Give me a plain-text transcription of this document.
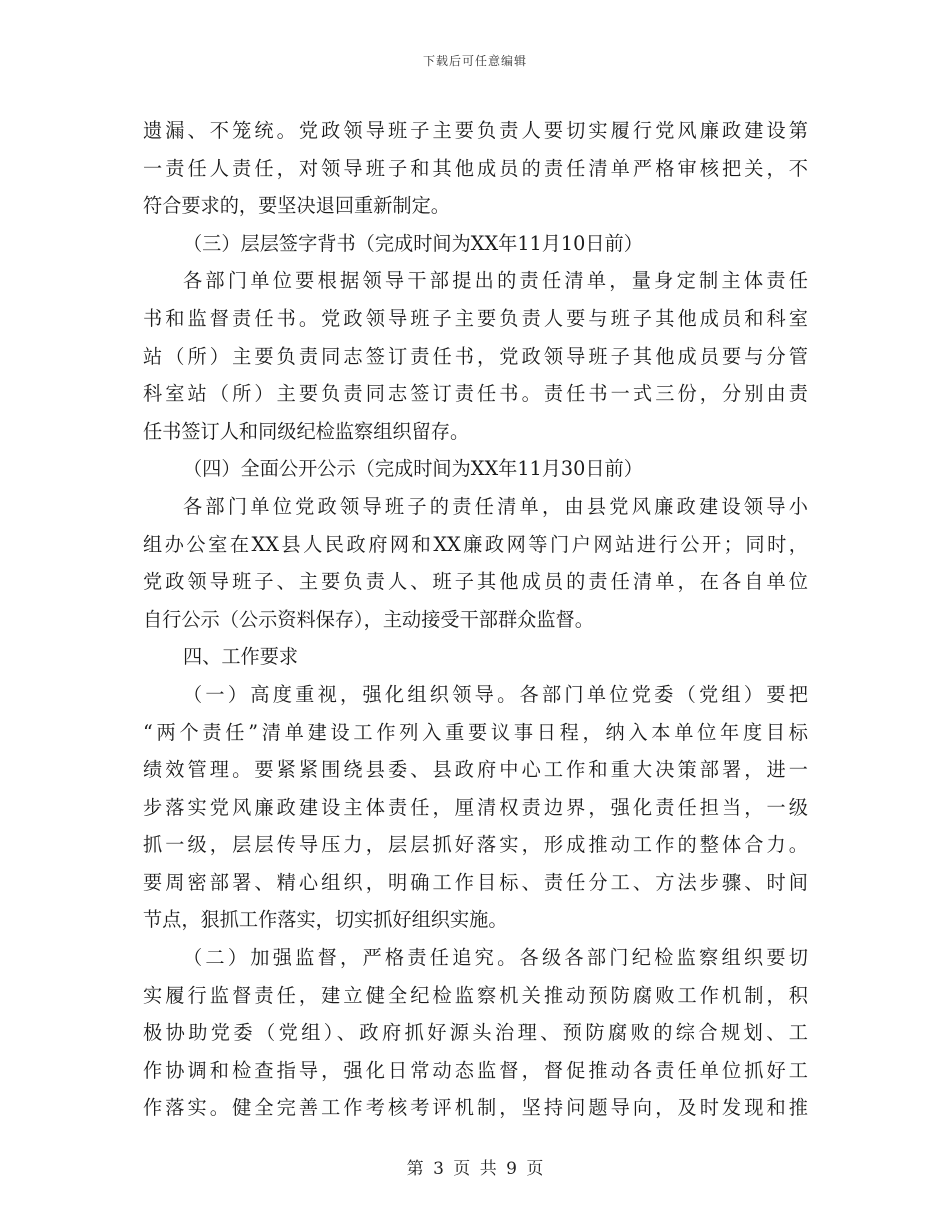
下载后可任意编辑
遗漏、不笼统。党政领导班子主要负责人要切实履行党风廉政建设第
一责任人责任，对领导班子和其他成员的责任清单严格审核把关，不
符合要求的，要坚决退回重新制定。
（三）层层签字背书（完成时间为XX年11月10日前）
各部门单位要根据领导干部提出的责任清单，量身定制主体责任
书和监督责任书。党政领导班子主要负责人要与班子其他成员和科室
站（所）主要负责同志签订责任书，党政领导班子其他成员要与分管
科室站（所）主要负责同志签订责任书。责任书一式三份，分别由责
任书签订人和同级纪检监察组织留存。
（四）全面公开公示（完成时间为XX年11月30日前）
各部门单位党政领导班子的责任清单，由县党风廉政建设领导小
组办公室在XX县人民政府网和XX廉政网等门户网站进行公开；同时，
党政领导班子、主要负责人、班子其他成员的责任清单，在各自单位
自行公示（公示资料保存），主动接受干部群众监督。
四、工作要求
（一）高度重视，强化组织领导。各部门单位党委（党组）要把
“两个责任”清单建设工作列入重要议事日程，纳入本单位年度目标
绩效管理。要紧紧围绕县委、县政府中心工作和重大决策部署，进一
步落实党风廉政建设主体责任，厘清权责边界，强化责任担当，一级
抓一级，层层传导压力，层层抓好落实，形成推动工作的整体合力。
要周密部署、精心组织，明确工作目标、责任分工、方法步骤、时间
节点，狠抓工作落实，切实抓好组织实施。
（二）加强监督，严格责任追究。各级各部门纪检监察组织要切
实履行监督责任，建立健全纪检监察机关推动预防腐败工作机制，积
极协助党委（党组）、政府抓好源头治理、预防腐败的综合规划、工
作协调和检查指导，强化日常动态监督，督促推动各责任单位抓好工
作落实。健全完善工作考核考评机制，坚持问题导向，及时发现和推
第 3 页 共 9 页
